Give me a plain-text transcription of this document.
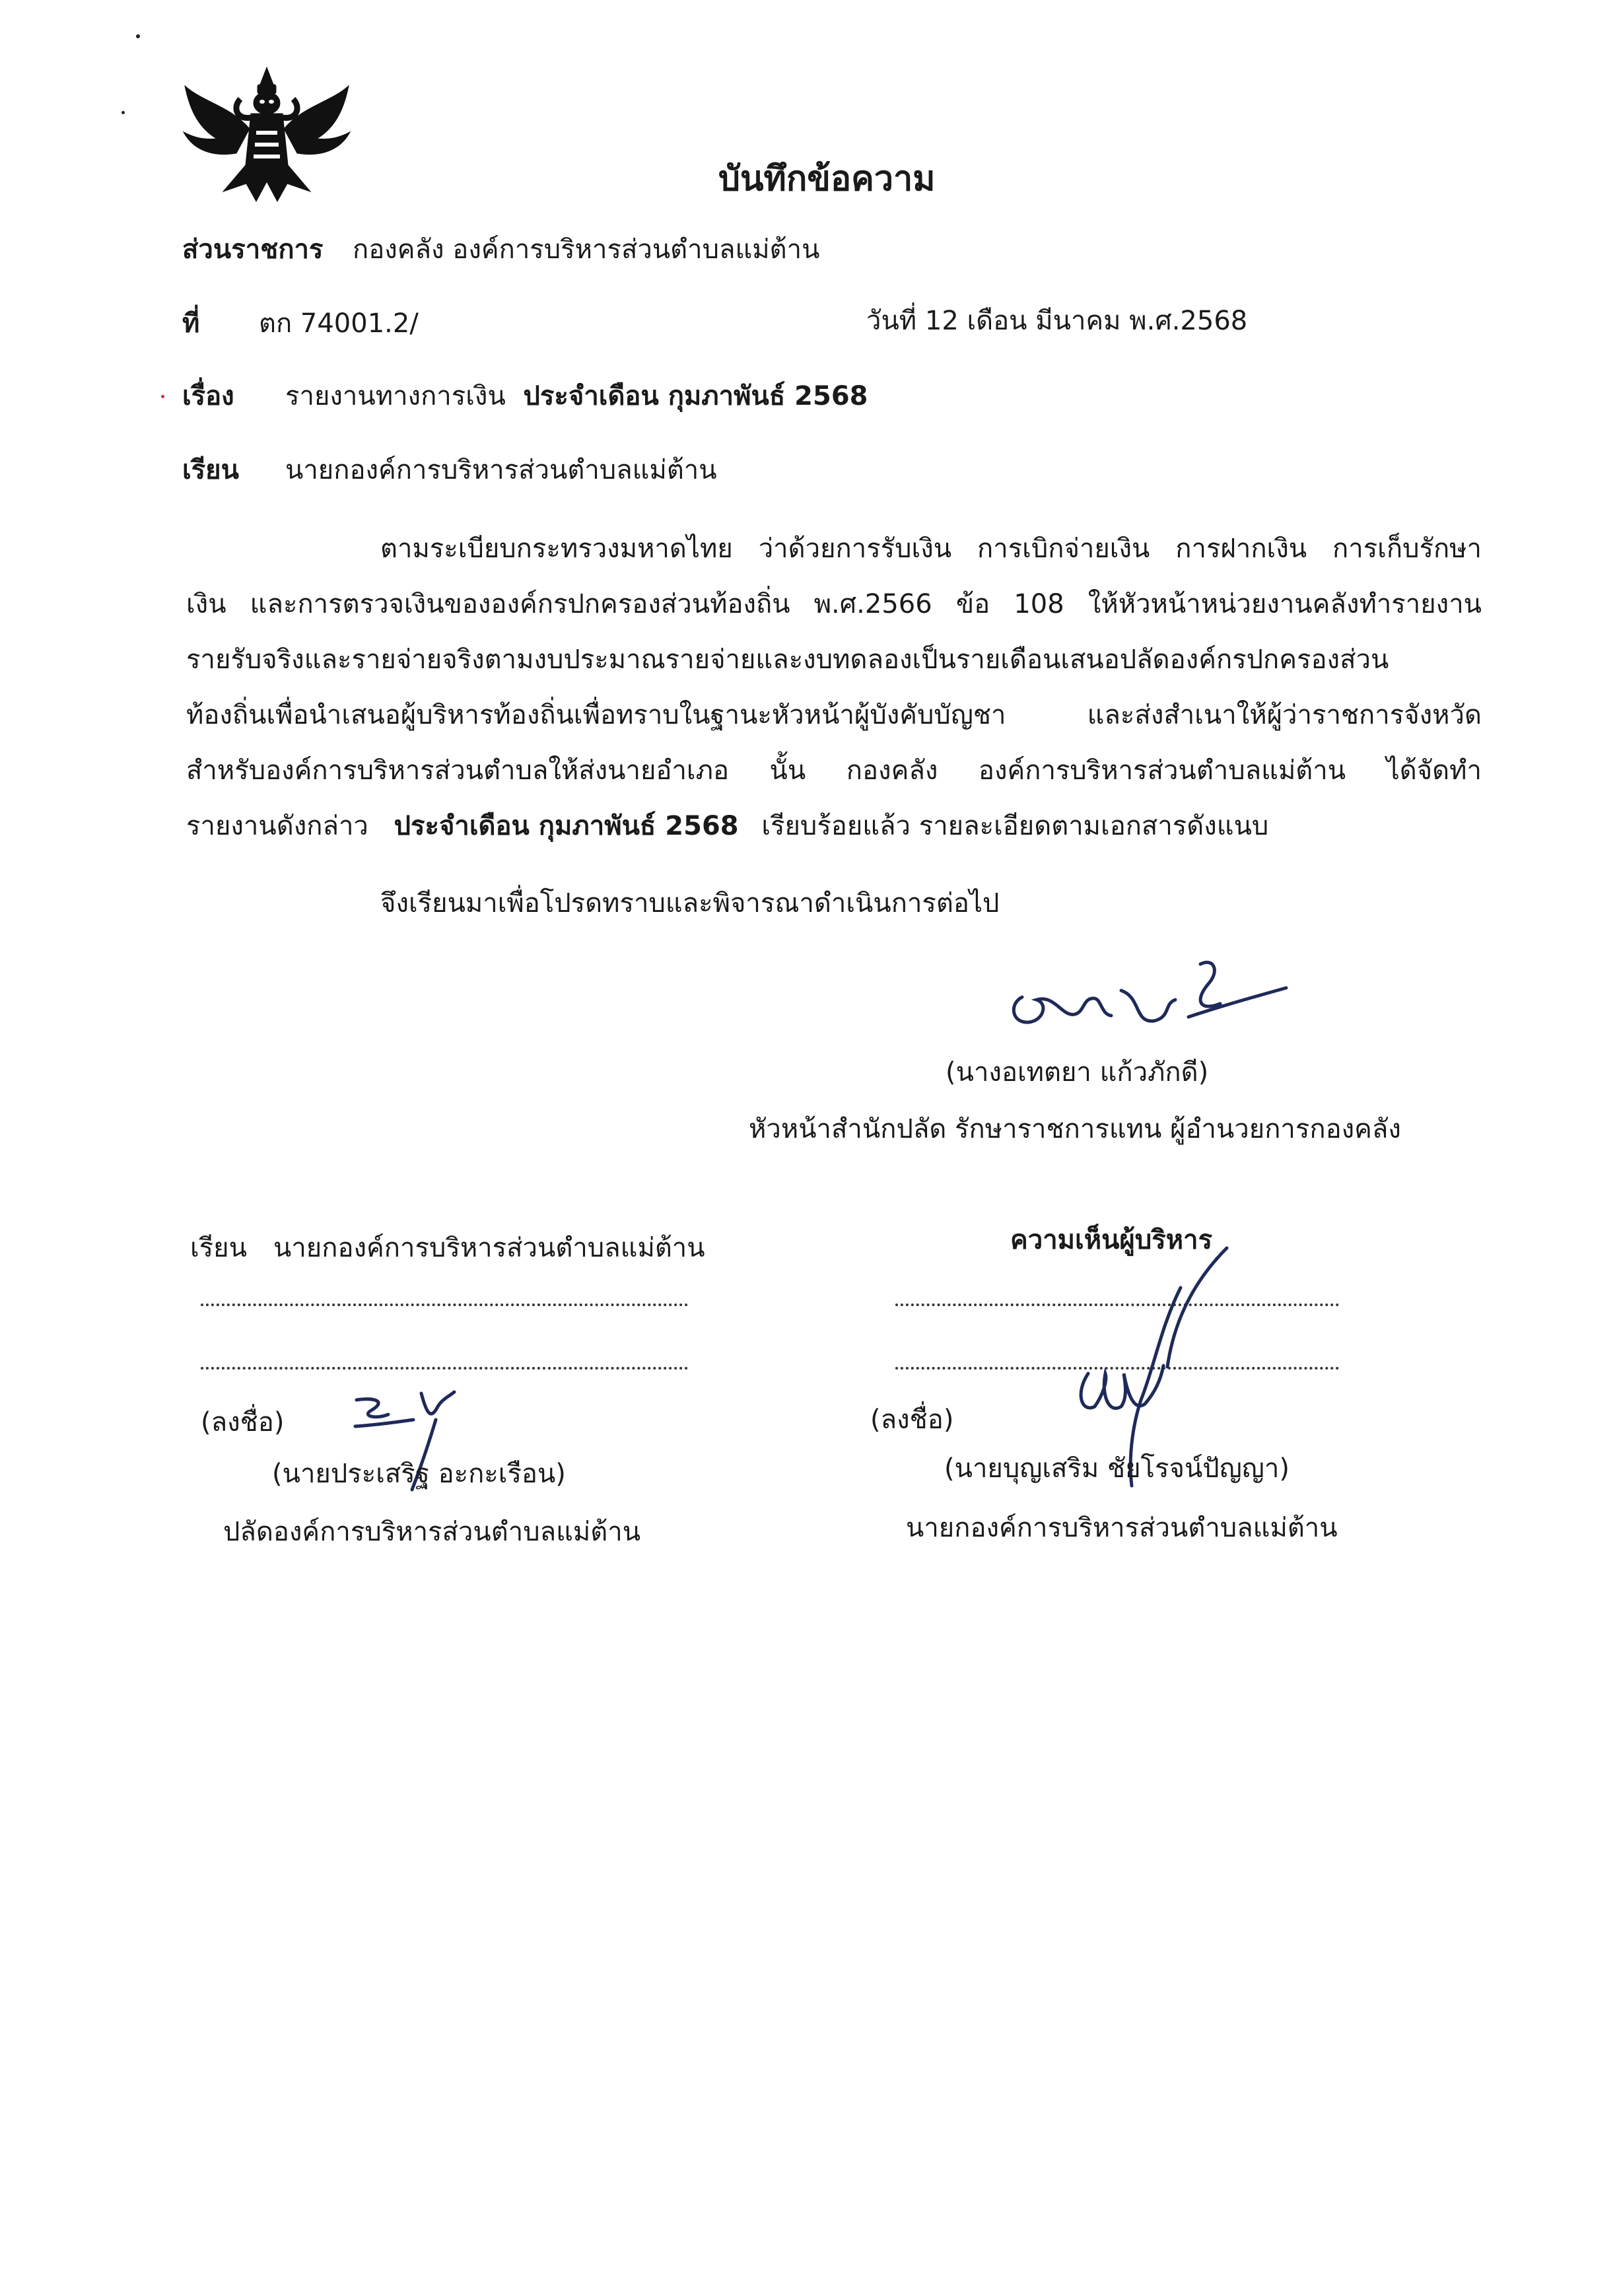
บันทึกข้อความ
ส่วนราชการ กองคลัง องค์การบริหารส่วนตำบลแม่ต้าน
ที่ ตก 74001.2/	วันที่ 12 เดือน มีนาคม พ.ศ.2568
เรื่อง รายงานทางการเงิน ประจำเดือน กุมภาพันธ์ 2568
เรียน นายกองค์การบริหารส่วนตำบลแม่ต้าน
ตามระเบียบกระทรวงมหาดไทย ว่าด้วยการรับเงิน การเบิกจ่ายเงิน การฝากเงิน การเก็บรักษา
เงิน และการตรวจเงินขององค์กรปกครองส่วนท้องถิ่น พ.ศ.2566 ข้อ 108 ให้หัวหน้าหน่วยงานคลังทำรายงาน
รายรับจริงและรายจ่ายจริงตามงบประมาณรายจ่ายและงบทดลองเป็นรายเดือนเสนอปลัดองค์กรปกครองส่วน
ท้องถิ่นเพื่อนำเสนอผู้บริหารท้องถิ่นเพื่อทราบในฐานะหัวหน้าผู้บังคับบัญชา และส่งสำเนาให้ผู้ว่าราชการจังหวัด
สำหรับองค์การบริหารส่วนตำบลให้ส่งนายอำเภอ นั้น กองคลัง องค์การบริหารส่วนตำบลแม่ต้าน ได้จัดทำ
รายงานดังกล่าว ประจำเดือน กุมภาพันธ์ 2568 เรียบร้อยแล้ว รายละเอียดตามเอกสารดังแนบ
จึงเรียนมาเพื่อโปรดทราบและพิจารณาดำเนินการต่อไป
(นางอเทตยา แก้วภักดี)
หัวหน้าสำนักปลัด รักษาราชการแทน ผู้อำนวยการกองคลัง
เรียน นายกองค์การบริหารส่วนตำบลแม่ต้าน
(ลงชื่อ)
(นายประเสริฐ อะกะเรือน)
ปลัดองค์การบริหารส่วนตำบลแม่ต้าน
ความเห็นผู้บริหาร
(ลงชื่อ)
(นายบุญเสริม ชัยโรจน์ปัญญา)
นายกองค์การบริหารส่วนตำบลแม่ต้าน
